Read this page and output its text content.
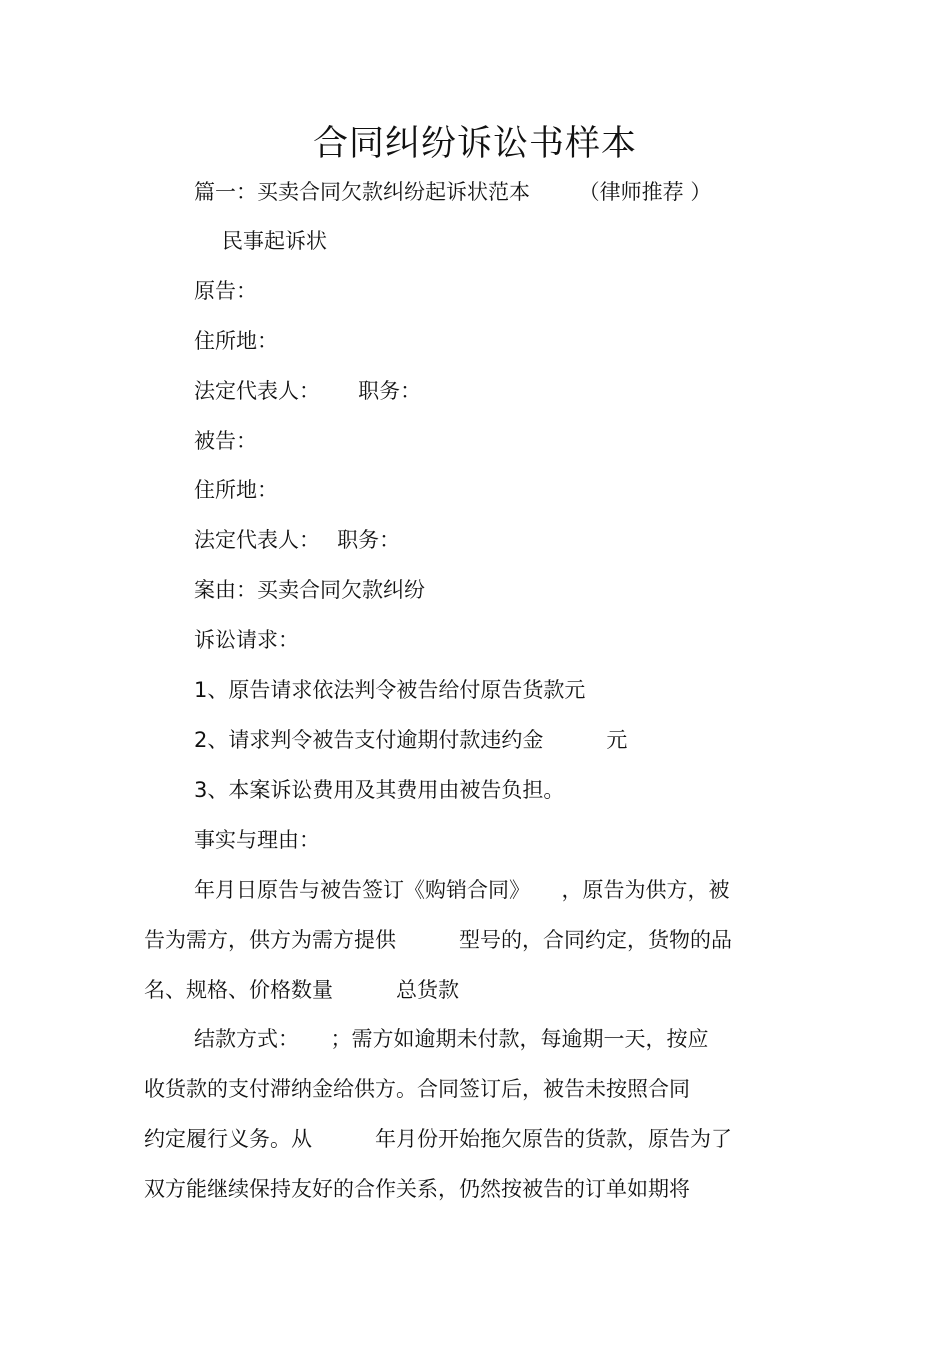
合同纠纷诉讼书样本
篇一：买卖合同欠款纠纷起诉状范本　　 （律师推荐 ）
民事起诉状
原告：
住所地：
法定代表人：　　 职务：
被告：
住所地：
法定代表人：　 职务：
案由：买卖合同欠款纠纷
诉讼请求：
1、原告请求依法判令被告给付原告货款元
2、请求判令被告支付逾期付款违约金　　　元
3、本案诉讼费用及其费用由被告负担。
事实与理由：
年月日原告与被告签订《购销合同》　　，原告为供方，被
告为需方，供方为需方提供　　　型号的，合同约定，货物的品
名、规格、价格数量　　　总货款
结款方式：　　；需方如逾期未付款，每逾期一天，按应
收货款的支付滞纳金给供方。合同签订后，被告未按照合同
约定履行义务。从　　　年月份开始拖欠原告的货款，原告为了
双方能继续保持友好的合作关系，仍然按被告的订单如期将
